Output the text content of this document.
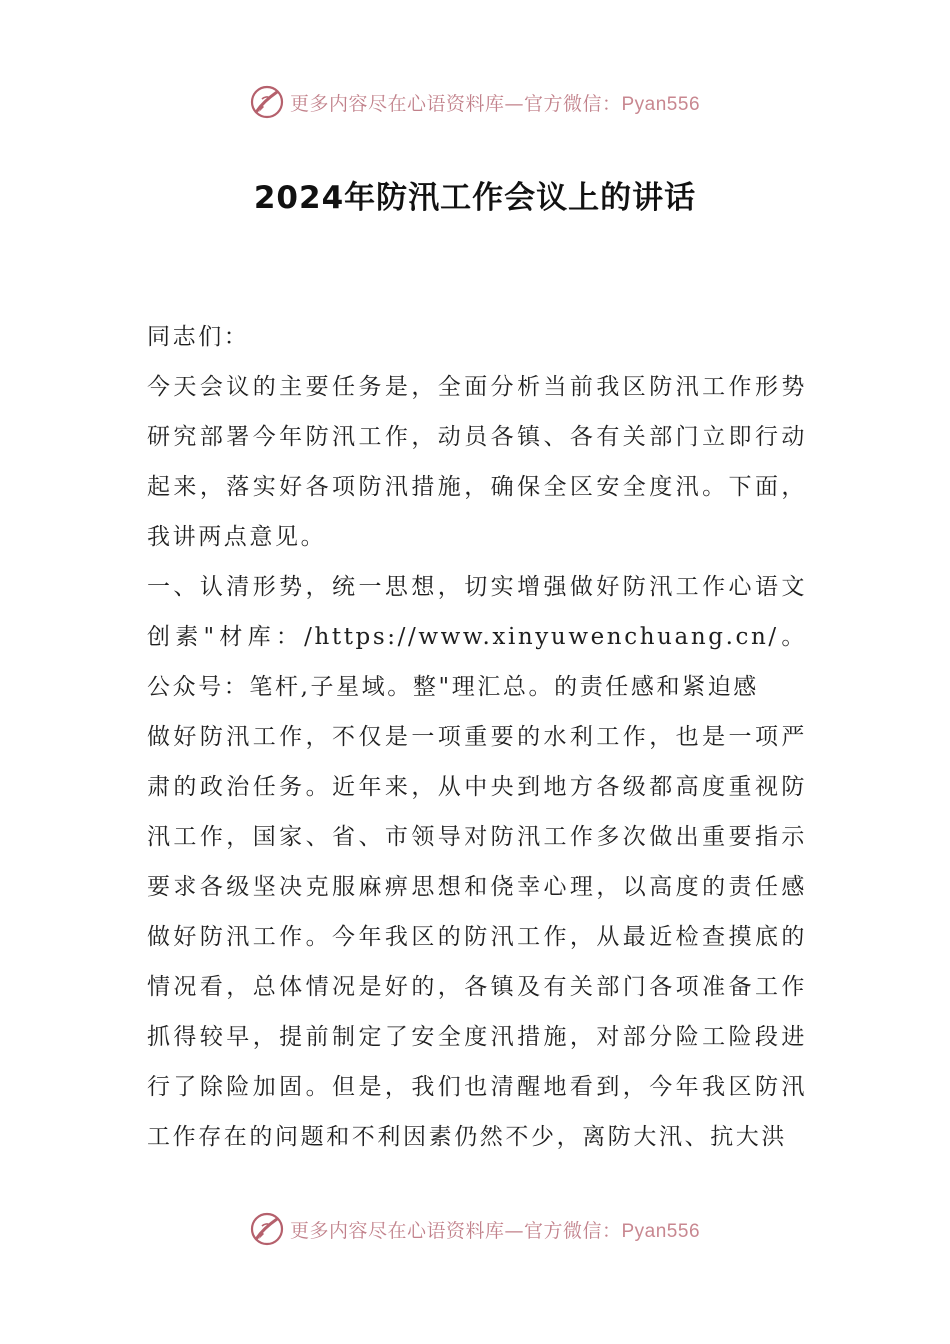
更多内容尽在心语资料库—官方微信：Pyan556
2024年防汛工作会议上的讲话

同志们：

今天会议的主要任务是，全面分析当前我区防汛工作形势研究部署今年防汛工作，动员各镇、各有关部门立即行动起来，落实好各项防汛措施，确保全区安全度汛。下面，我讲两点意见。

一、认清形势，统一思想，切实增强做好防汛工作心语文创素"材库：/https://www.xinyuwenchuang.cn/。公众号：笔杆,子星域。整"理汇总。的责任感和紧迫感

做好防汛工作，不仅是一项重要的水利工作，也是一项严肃的政治任务。近年来，从中央到地方各级都高度重视防汛工作，国家、省、市领导对防汛工作多次做出重要指示要求各级坚决克服麻痹思想和侥幸心理，以高度的责任感做好防汛工作。今年我区的防汛工作，从最近检查摸底的情况看，总体情况是好的，各镇及有关部门各项准备工作抓得较早，提前制定了安全度汛措施，对部分险工险段进行了除险加固。但是，我们也清醒地看到，今年我区防汛工作存在的问题和不利因素仍然不少，离防大汛、抗大洪

更多内容尽在心语资料库—官方微信：Pyan556
